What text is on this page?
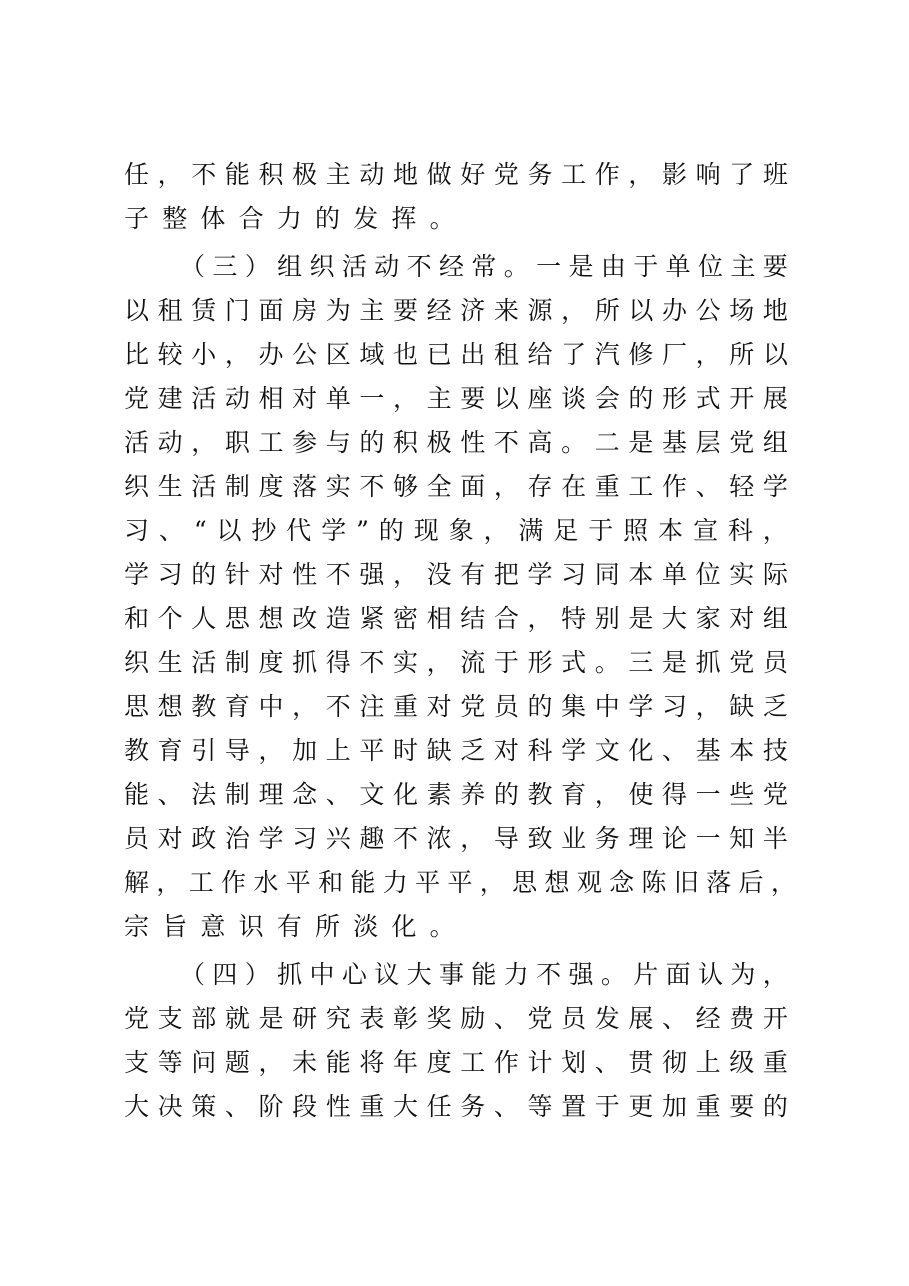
任 ， 不 能 积 极 主 动 地 做 好 党 务 工 作 ， 影 响 了 班
子 整 体 合 力 的 发 挥 。
（ 三 ） 组 织 活 动 不 经 常 。 一 是 由 于 单 位 主 要
以 租 赁 门 面 房 为 主 要 经 济 来 源 ， 所 以 办 公 场 地
比 较 小 ， 办 公 区 域 也 已 出 租 给 了 汽 修 厂 ， 所 以
党 建 活 动 相 对 单 一 ， 主 要 以 座 谈 会 的 形 式 开 展
活 动 ， 职 工 参 与 的 积 极 性 不 高 。 二 是 基 层 党 组
织 生 活 制 度 落 实 不 够 全 面 ， 存 在 重 工 作 、 轻 学
习 、 “ 以 抄 代 学 ” 的 现 象 ， 满 足 于 照 本 宣 科 ，
学 习 的 针 对 性 不 强 ， 没 有 把 学 习 同 本 单 位 实 际
和 个 人 思 想 改 造 紧 密 相 结 合 ， 特 别 是 大 家 对 组
织 生 活 制 度 抓 得 不 实 ， 流 于 形 式 。 三 是 抓 党 员
思 想 教 育 中 ， 不 注 重 对 党 员 的 集 中 学 习 ， 缺 乏
教 育 引 导 ， 加 上 平 时 缺 乏 对 科 学 文 化 、 基 本 技
能 、 法 制 理 念 、 文 化 素 养 的 教 育 ， 使 得 一 些 党
员 对 政 治 学 习 兴 趣 不 浓 ， 导 致 业 务 理 论 一 知 半
解 ， 工 作 水 平 和 能 力 平 平 ， 思 想 观 念 陈 旧 落 后 ，
宗 旨 意 识 有 所 淡 化 。
（ 四 ） 抓 中 心 议 大 事 能 力 不 强 。 片 面 认 为 ，
党 支 部 就 是 研 究 表 彰 奖 励 、 党 员 发 展 、 经 费 开
支 等 问 题 ， 未 能 将 年 度 工 作 计 划 、 贯 彻 上 级 重
大 决 策 、 阶 段 性 重 大 任 务 、 等 置 于 更 加 重 要 的
